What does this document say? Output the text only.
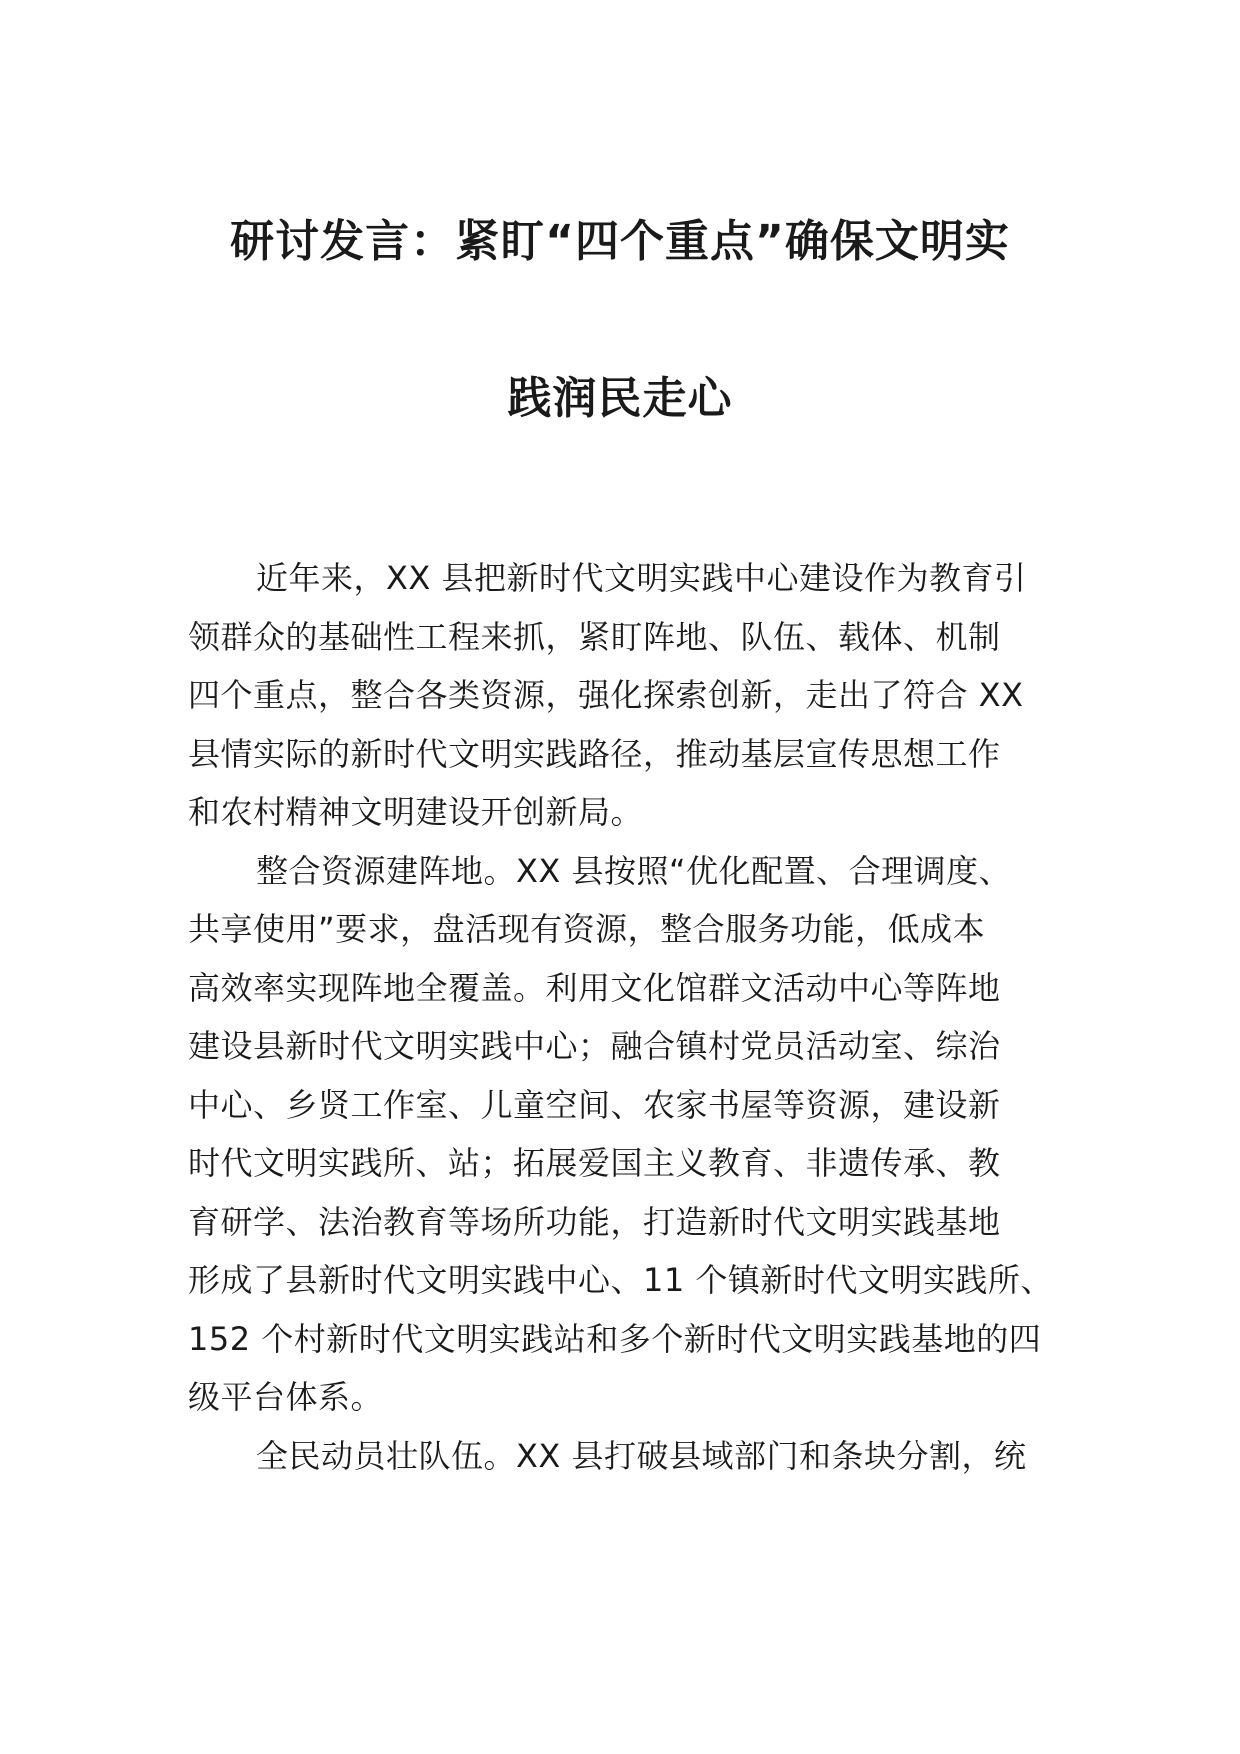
研讨发言：紧盯“四个重点”确保文明实
践润民走心
近年来，XX 县把新时代文明实践中心建设作为教育引
领群众的基础性工程来抓，紧盯阵地、队伍、载体、机制
四个重点，整合各类资源，强化探索创新，走出了符合 XX
县情实际的新时代文明实践路径，推动基层宣传思想工作
和农村精神文明建设开创新局。
整合资源建阵地。XX 县按照“优化配置、合理调度、
共享使用”要求，盘活现有资源，整合服务功能，低成本
高效率实现阵地全覆盖。利用文化馆群文活动中心等阵地
建设县新时代文明实践中心；融合镇村党员活动室、综治
中心、乡贤工作室、儿童空间、农家书屋等资源，建设新
时代文明实践所、站；拓展爱国主义教育、非遗传承、教
育研学、法治教育等场所功能，打造新时代文明实践基地
形成了县新时代文明实践中心、11 个镇新时代文明实践所、
152 个村新时代文明实践站和多个新时代文明实践基地的四
级平台体系。
全民动员壮队伍。XX 县打破县域部门和条块分割，统
